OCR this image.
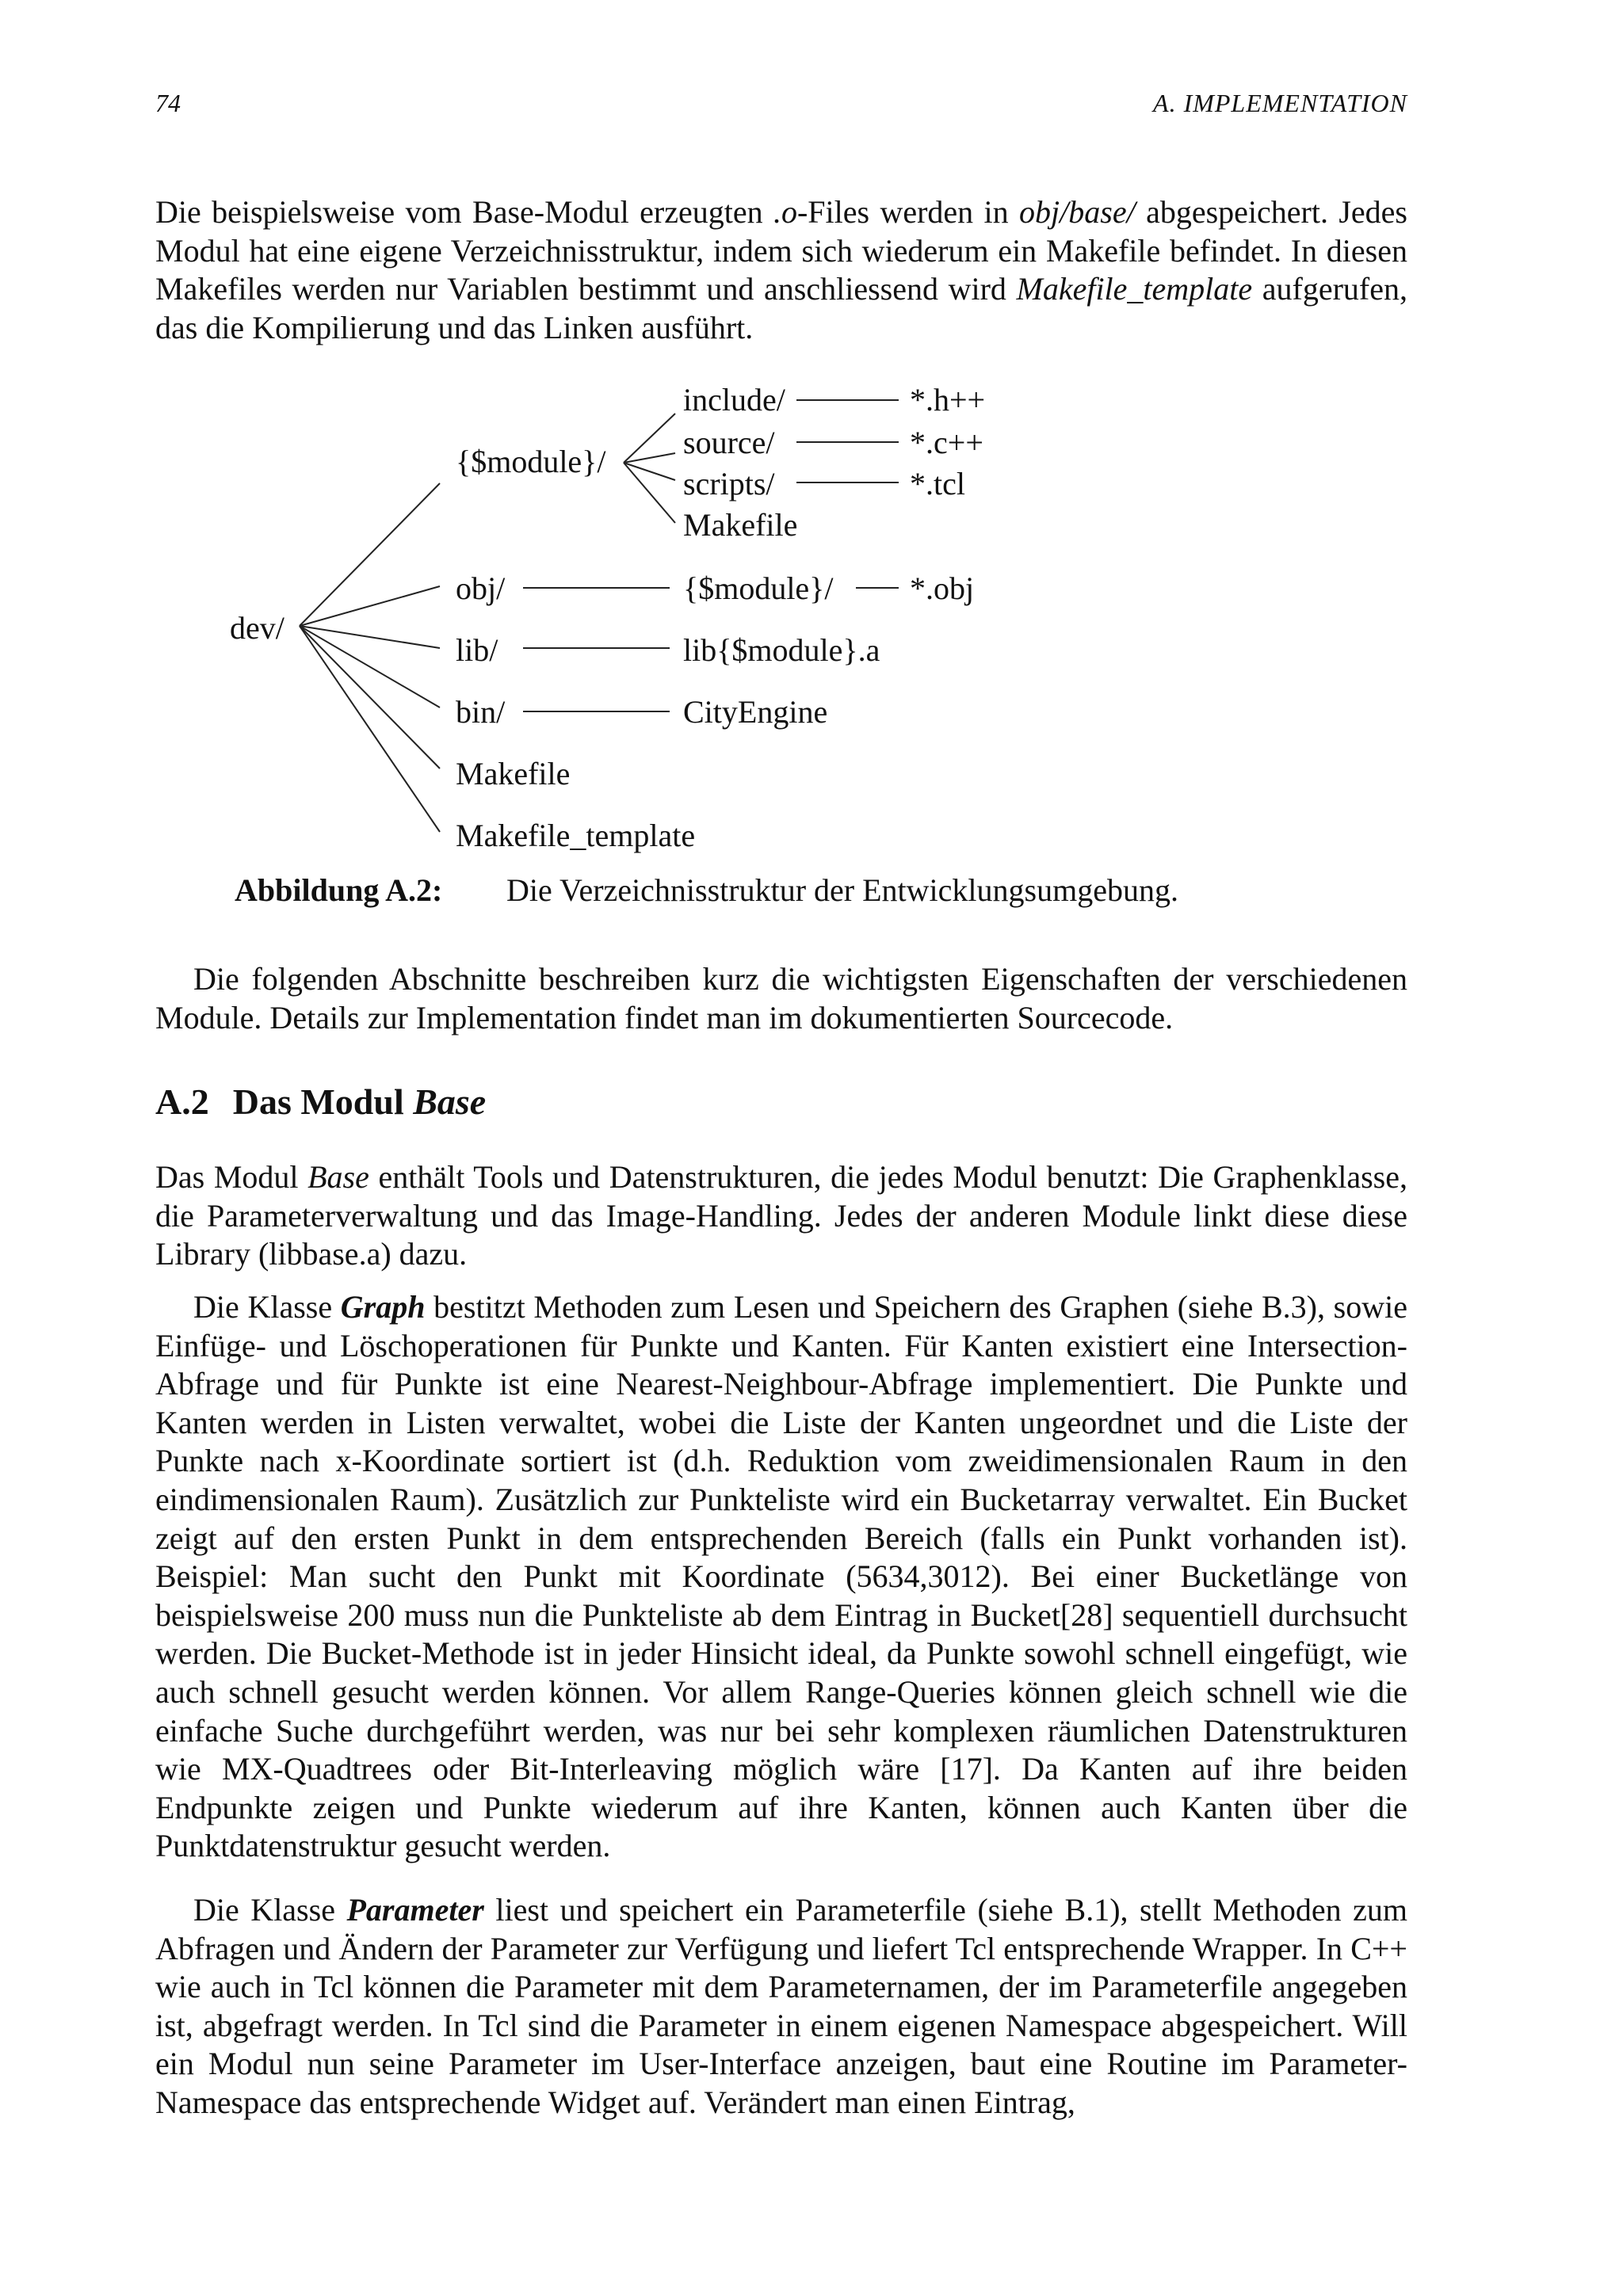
74	A. IMPLEMENTATION

Die beispielsweise vom Base-Modul erzeugten .o-Files werden in obj/base/ abgespeichert. Jedes Modul hat eine eigene Verzeichnisstruktur, indem sich wiederum ein Makefile befindet. In diesen Makefiles werden nur Variablen bestimmt und anschliessend wird Makefile_template aufgerufen, das die Kompilierung und das Linken ausführt.

dev/
{$module}/
include/
source/
scripts/
Makefile
*.h++
*.c++
*.tcl
obj/	{$module}/ *.obj
lib/	lib{$module}.a
bin/	CityEngine
Makefile
Makefile_template
Abbildung A.2: Die Verzeichnisstruktur der Entwicklungsumgebung.

Die folgenden Abschnitte beschreiben kurz die wichtigsten Eigenschaften der verschiedenen Module. Details zur Implementation findet man im dokumentierten Sourcecode.

A.2 Das Modul Base

Das Modul Base enthält Tools und Datenstrukturen, die jedes Modul benutzt: Die Graphenklasse, die Parameterverwaltung und das Image-Handling. Jedes der anderen Module linkt diese diese Library (libbase.a) dazu.

Die Klasse Graph bestitzt Methoden zum Lesen und Speichern des Graphen (siehe B.3), sowie Einfüge- und Löschoperationen für Punkte und Kanten. Für Kanten existiert eine Intersection-Abfrage und für Punkte ist eine Nearest-Neighbour-Abfrage implementiert. Die Punkte und Kanten werden in Listen verwaltet, wobei die Liste der Kanten ungeordnet und die Liste der Punkte nach x-Koordinate sortiert ist (d.h. Reduktion vom zweidimensionalen Raum in den eindimensionalen Raum). Zusätzlich zur Punkteliste wird ein Bucketarray verwaltet. Ein Bucket zeigt auf den ersten Punkt in dem entsprechenden Bereich (falls ein Punkt vorhanden ist). Beispiel: Man sucht den Punkt mit Koordinate (5634,3012). Bei einer Bucketlänge von beispielsweise 200 muss nun die Punkteliste ab dem Eintrag in Bucket[28] sequentiell durchsucht werden. Die Bucket-Methode ist in jeder Hinsicht ideal, da Punkte sowohl schnell eingefügt, wie auch schnell gesucht werden können. Vor allem Range-Queries können gleich schnell wie die einfache Suche durchgeführt werden, was nur bei sehr komplexen räumlichen Datenstrukturen wie MX-Quadtrees oder Bit-Interleaving möglich wäre [17]. Da Kanten auf ihre beiden Endpunkte zeigen und Punkte wiederum auf ihre Kanten, können auch Kanten über die Punktdatenstruktur gesucht werden.

Die Klasse Parameter liest und speichert ein Parameterfile (siehe B.1), stellt Methoden zum Abfragen und Ändern der Parameter zur Verfügung und liefert Tcl entsprechende Wrapper. In C++ wie auch in Tcl können die Parameter mit dem Parameternamen, der im Parameterfile angegeben ist, abgefragt werden. In Tcl sind die Parameter in einem eigenen Namespace abgespeichert. Will ein Modul nun seine Parameter im User-Interface anzeigen, baut eine Routine im Parameter-Namespace das entsprechende Widget auf. Verändert man einen Eintrag,
